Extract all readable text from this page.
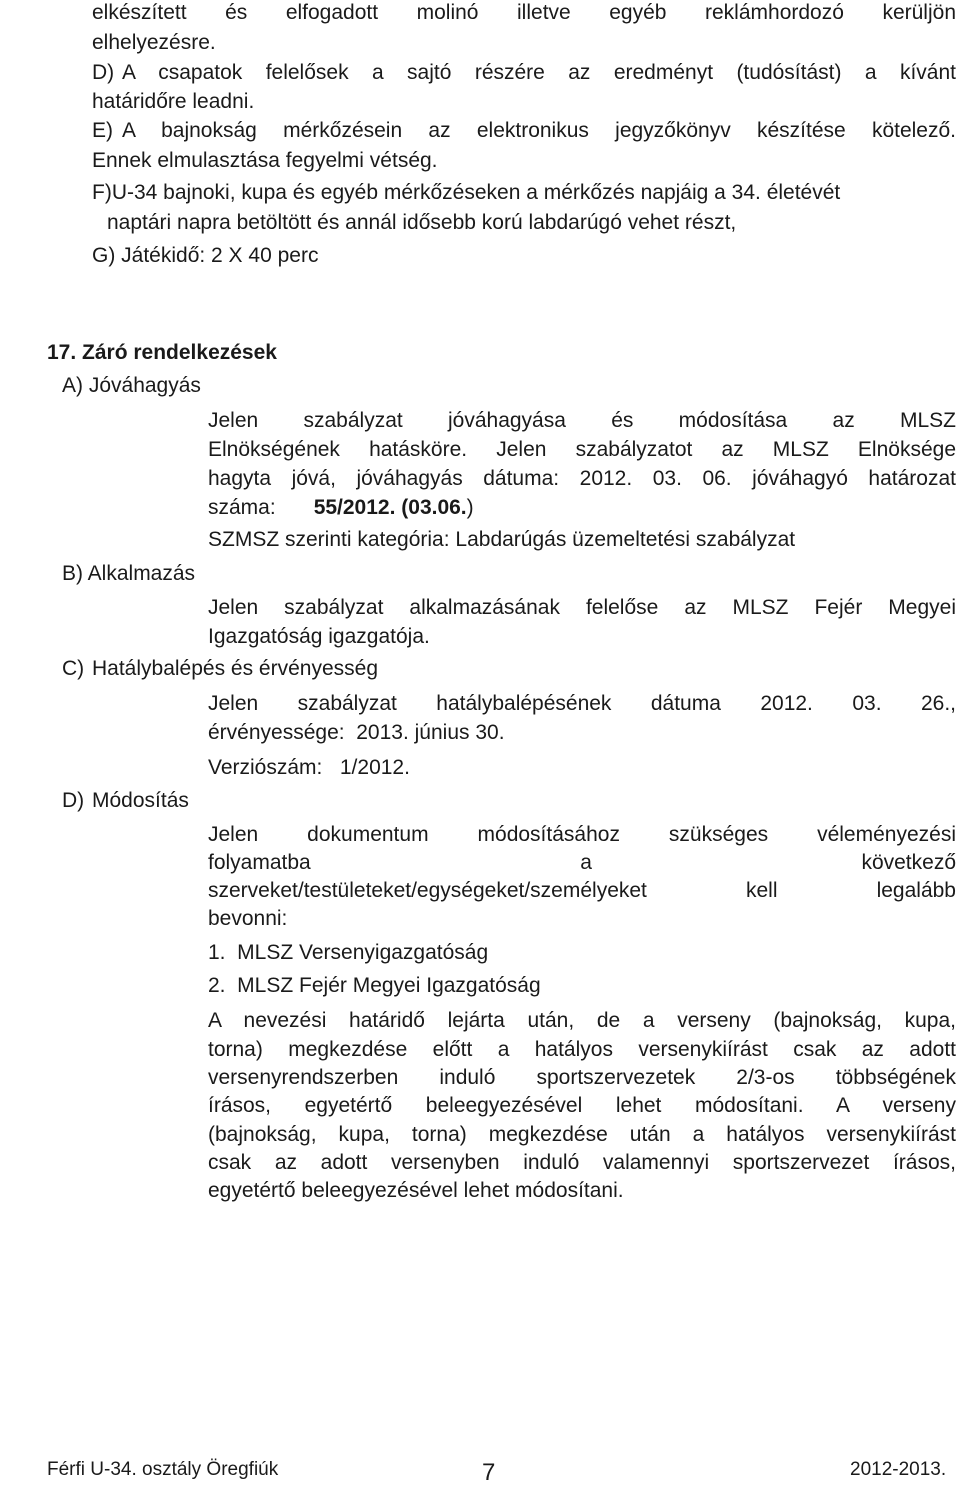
elkészített és elfogadott molinó illetve egyéb reklámhordozó kerüljön
elhelyezésre.
D) A csapatok felelősek a sajtó részére az eredményt (tudósítást) a kívánt
határidőre leadni.
E) A bajnokság mérkőzésein az elektronikus jegyzőkönyv készítése kötelező.
Ennek elmulasztása fegyelmi vétség.
F)U-34 bajnoki, kupa és egyéb mérkőzéseken a mérkőzés napjáig a 34. életévét
naptári napra betöltött és annál idősebb korú labdarúgó vehet részt,
G) Játékidő: 2 X 40 perc
17. Záró rendelkezések
A) Jóváhagyás
Jelen szabályzat jóváhagyása és módosítása az MLSZ
Elnökségének hatásköre. Jelen szabályzatot az MLSZ Elnöksége
hagyta jóvá, jóváhagyás dátuma: 2012. 03. 06. jóváhagyó határozat
száma: 55/2012. (03.06.)
SZMSZ szerinti kategória: Labdarúgás üzemeltetési szabályzat
B) Alkalmazás
Jelen szabályzat alkalmazásának felelőse az MLSZ Fejér Megyei
Igazgatóság igazgatója.
C) Hatálybalépés és érvényesség
Jelen szabályzat hatálybalépésének dátuma 2012. 03. 26.,
érvényessége:  2013. június 30.
Verziószám:   1/2012.
D) Módosítás
Jelen dokumentum módosításához szükséges véleményezési
folyamatba a következő
szerveket/testületeket/egységeket/személyeket kell legalább
bevonni:
1.  MLSZ Versenyigazgatóság
2.  MLSZ Fejér Megyei Igazgatóság
A nevezési határidő lejárta után, de a verseny (bajnokság, kupa,
torna) megkezdése előtt a hatályos versenykiírást csak az adott
versenyrendszerben induló sportszervezetek 2/3-os többségének
írásos, egyetértő beleegyezésével lehet módosítani. A verseny
(bajnokság, kupa, torna) megkezdése után a hatályos versenykiírást
csak az adott versenyben induló valamennyi sportszervezet írásos,
egyetértő beleegyezésével lehet módosítani.
Férfi U-34. osztály Öregfiúk	7	2012-2013.
